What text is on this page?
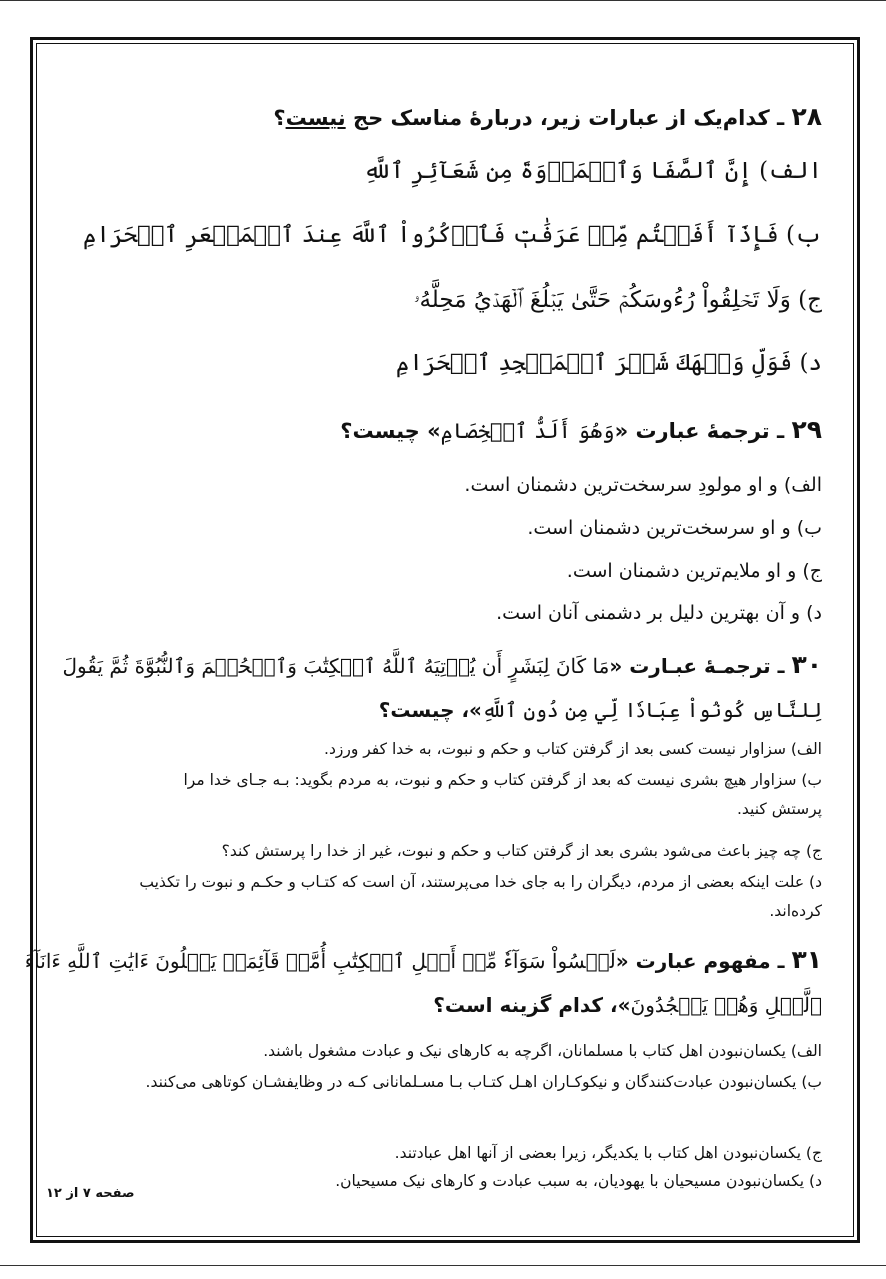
۲۸ ـ کدام‌یک از عبارات زیر، دربارهٔ مناسک حج نیست؟
الف) إِنَّ ٱلصَّفَا وَٱلۡمَرۡوَةَ مِن شَعَآئِرِ ٱللَّهِ
ب) فَإِذَآ أَفَضۡتُم مِّنۡ عَرَفَٰتٖ فَٱذۡكُرُواْ ٱللَّهَ عِندَ ٱلۡمَشۡعَرِ ٱلۡحَرَامِ
ج) وَلَا تَحۡلِقُواْ رُءُوسَكُمۡ حَتَّىٰ يَبۡلُغَ ٱلۡهَدۡيُ مَحِلَّهُۥ
د) فَوَلِّ وَجۡهَكَ شَطۡرَ ٱلۡمَسۡجِدِ ٱلۡحَرَامِ
۲۹ ـ ترجمهٔ عبارت «وَهُوَ أَلَدُّ ٱلۡخِصَامِ» چیست؟
الف) و او مولودِ سرسخت‌ترین دشمنان است.
ب) و او سرسخت‌ترین دشمنان است.
ج) و او ملایم‌ترین دشمنان است.
د) و آن بهترین دلیل بر دشمنی آنان است.
۳۰ ـ ترجمـهٔ عبـارت «مَا كَانَ لِبَشَرٍ أَن يُؤۡتِيَهُ ٱللَّهُ ٱلۡكِتَٰبَ وَٱلۡحُكۡمَ وَٱلنُّبُوَّةَ ثُمَّ يَقُولَ
لِلنَّاسِ كُونُواْ عِبَادٗا لِّي مِن دُونِ ٱللَّهِ»، چیست؟
الف) سزاوار نیست کسی بعد از گرفتن کتاب و حکم و نبوت، به خدا کفر ورزد.
ب) سزاوار هیچ بشری نیست که بعد از گرفتن کتاب و حکم و نبوت، به مردم بگوید: بـه جـای خدا مرا پرستش کنید.
ج) چه چیز باعث می‌شود بشری بعد از گرفتن کتاب و حکم و نبوت، غیر از خدا را پرستش کند؟
د) علت اینکه بعضی از مردم، دیگران را به جای خدا می‌پرستند، آن است که کتـاب و حکـم و نبوت را تکذیب کرده‌اند.
۳۱ ـ مفهوم عبارت «لَيۡسُواْ سَوَآءٗ مِّنۡ أَهۡلِ ٱلۡكِتَٰبِ أُمَّةٞ قَآئِمَةٞ يَتۡلُونَ ءَايَٰتِ ٱللَّهِ ءَانَآءَ
ٱلَّيۡلِ وَهُمۡ يَسۡجُدُونَ»، کدام گزینه است؟
الف) یکسان‌نبودن اهل کتاب با مسلمانان، اگرچه به کارهای نیک و عبادت مشغول باشند.
ب) یکسان‌نبودن عبادت‌کنندگان و نیکوکـاران اهـل کتـاب بـا مسـلمانانی کـه در وظایفشـان کوتاهی می‌کنند.
ج) یکسان‌نبودن اهل کتاب با یکدیگر، زیرا بعضی از آنها اهل عبادتند.
د) یکسان‌نبودن مسیحیان با یهودیان، به سبب عبادت و کارهای نیک مسیحیان.
صفحه ۷ از ۱۲
